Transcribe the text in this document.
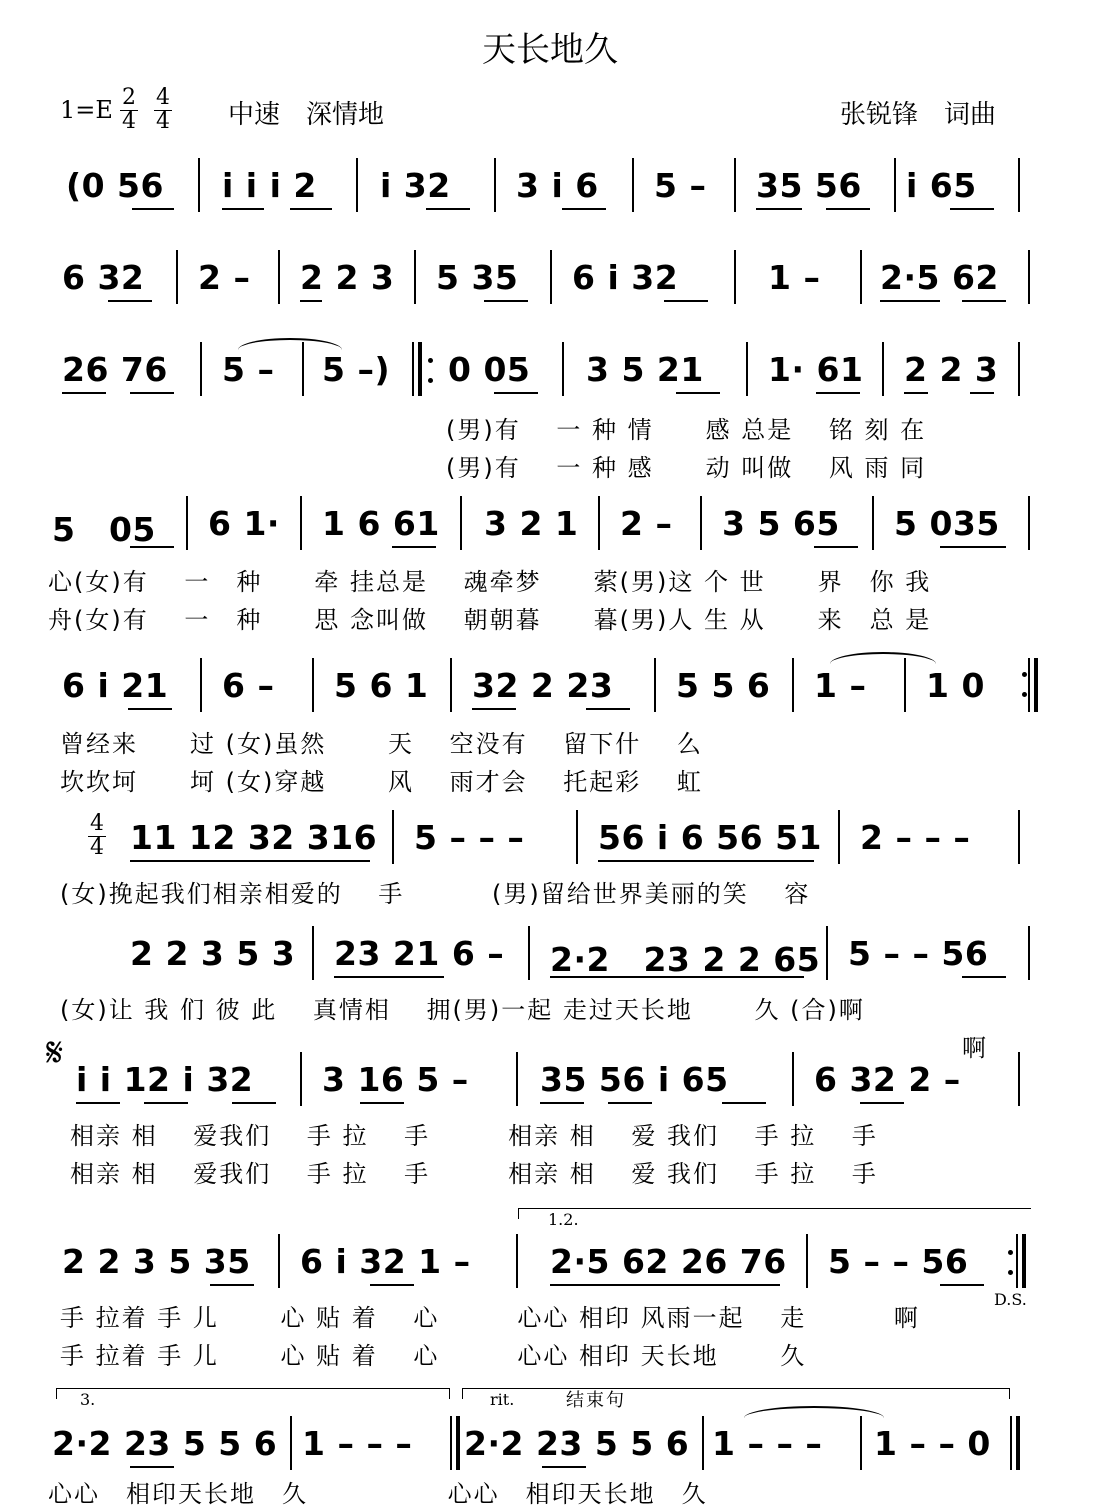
天长地久
1=E 2
4
4
4 中速　深情地	张锐锋　词曲
(0 56 i i i 2 i 32 3 i 6 5 – 35 56 i 65
6 32 2 – 2 2 3 5 35 6 i 32	1 – 2·5 62
26 76 5 – 5 –) 0 05 3 5 21 1· 61 2 2 3
(男)有　 一 种 情　　感 总是　 铭 刻 在
(男)有　 一 种 感　　动 叫做　 风 雨 同
5　05 6 1· 1 6 61 3 2 1 2 – 3 5 65 5 035
心(女)有　 一　种　　牵 挂总是　 魂牵梦　　萦(男)这 个 世　　界　你 我
舟(女)有　 一　种　　思 念叫做　 朝朝暮　　暮(男)人 生 从　　来　总 是
6 i 21 6 – 5 6 1 32 2 23 5 5 6 1 – 1 0
曾经来　　过 (女)虽然　　 天　 空没有　 留下什　 么
坎坎坷　　坷 (女)穿越　　 风　 雨才会　 托起彩　 虹
4
4 11 12 32 316 5 – – – 56 i 6 56 51 2 – – –
(女)挽起我们相亲相爱的　 手　　　 (男)留给世界美丽的笑　 容
2 2 3 5 3 23 21 6 – 2·2　23 2 2 65 5 – – 56
(女)让 我 们 彼 此　 真情相　 拥(男)一起 走过天长地　　 久 (合)啊
啊
𝄋
i i 12 i 32 3 16 5 – 35 56 i 65	6 32 2 –
相亲 相　 爱我们　 手 拉　 手　　　相亲 相　 爱 我们　 手 拉　 手
相亲 相　 爱我们　 手 拉　 手　　　相亲 相　 爱 我们　 手 拉　 手
1.2.
2 2 3 5 35 6 i 32 1 – 2·5 62 26 76 5 – – 56
D.S.
手 拉着 手 儿　　 心 贴 着　 心　　　心心 相印 风雨一起　 走　　　 啊
手 拉着 手 儿　　 心 贴 着　 心　　　心心 相印 天长地　　 久
3.	rit.	结束句
2·2 23 5 5 6 1 – – – 2·2 23 5 5 6 1 – – – 1 – – 0
心心　相印天长地　久　　　　　 心心　相印天长地　久
